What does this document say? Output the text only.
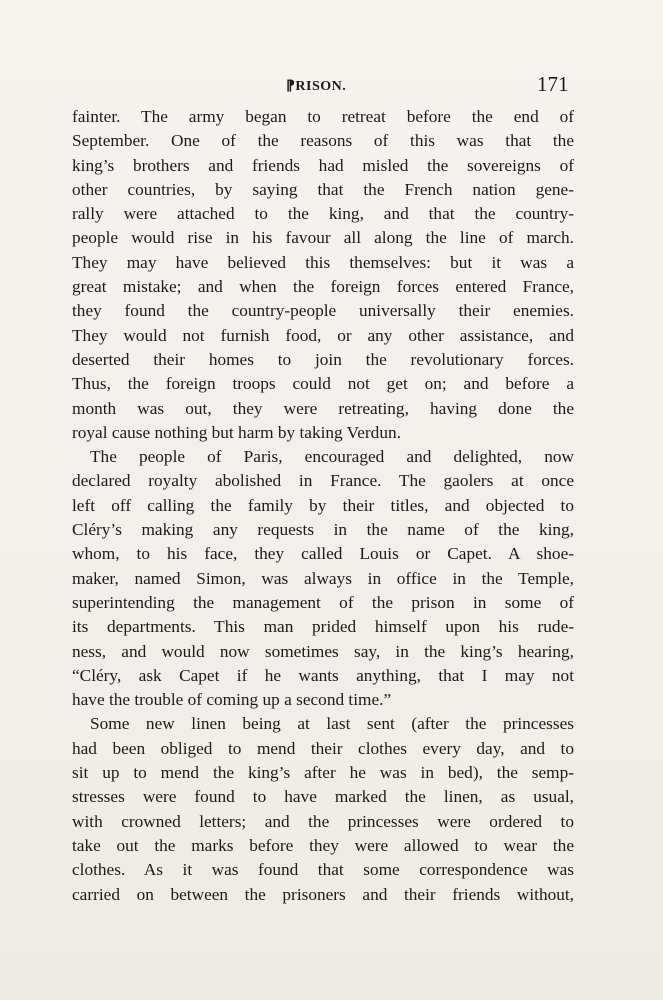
⁋RISON.	171
fainter. The army began to retreat before the end of
September. One of the reasons of this was that the
king’s brothers and friends had misled the sovereigns of
other countries, by saying that the French nation gene-
rally were attached to the king, and that the country-
people would rise in his favour all along the line of march.
They may have believed this themselves: but it was a
great mistake; and when the foreign forces entered France,
they found the country-people universally their enemies.
They would not furnish food, or any other assistance, and
deserted their homes to join the revolutionary forces.
Thus, the foreign troops could not get on; and before a
month was out, they were retreating, having done the
royal cause nothing but harm by taking Verdun.
The people of Paris, encouraged and delighted, now
declared royalty abolished in France. The gaolers at once
left off calling the family by their titles, and objected to
Cléry’s making any requests in the name of the king,
whom, to his face, they called Louis or Capet. A shoe-
maker, named Simon, was always in office in the Temple,
superintending the management of the prison in some of
its departments. This man prided himself upon his rude-
ness, and would now sometimes say, in the king’s hearing,
“Cléry, ask Capet if he wants anything, that I may not
have the trouble of coming up a second time.”
Some new linen being at last sent (after the princesses
had been obliged to mend their clothes every day, and to
sit up to mend the king’s after he was in bed), the semp-
stresses were found to have marked the linen, as usual,
with crowned letters; and the princesses were ordered to
take out the marks before they were allowed to wear the
clothes. As it was found that some correspondence was
carried on between the prisoners and their friends without,
